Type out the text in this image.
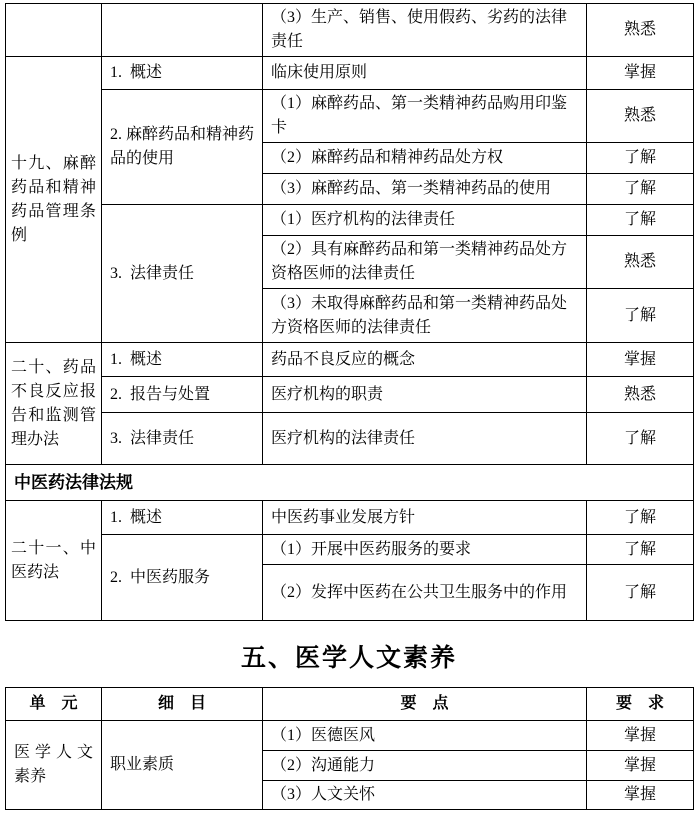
		（3）生产、销售、使用假药、劣药的法律责任	熟悉
十九、麻醉药品和精神药品管理条例	1.  概述	临床使用原则	掌握
	2. 麻醉药品和精神药品的使用	（1）麻醉药品、第一类精神药品购用印鉴卡	熟悉
		（2）麻醉药品和精神药品处方权	了解
		（3）麻醉药品、第一类精神药品的使用	了解
	3.  法律责任	（1）医疗机构的法律责任	了解
		（2）具有麻醉药品和第一类精神药品处方资格医师的法律责任	熟悉
		（3）未取得麻醉药品和第一类精神药品处方资格医师的法律责任	了解
二十、药品不良反应报告和监测管理办法	1.  概述	药品不良反应的概念	掌握
	2.  报告与处置	医疗机构的职责	熟悉
	3.  法律责任	医疗机构的法律责任	了解
中医药法律法规			
二十一、中医药法	1.  概述	中医药事业发展方针	了解
	2.  中医药服务	（1）开展中医药服务的要求	了解
		（2）发挥中医药在公共卫生服务中的作用	了解
五、医学人文素养
单　元	细　目	要　点	要　求
医学人文素养	职业素质	（1）医德医风	掌握
		（2）沟通能力	掌握
		（3）人文关怀	掌握
